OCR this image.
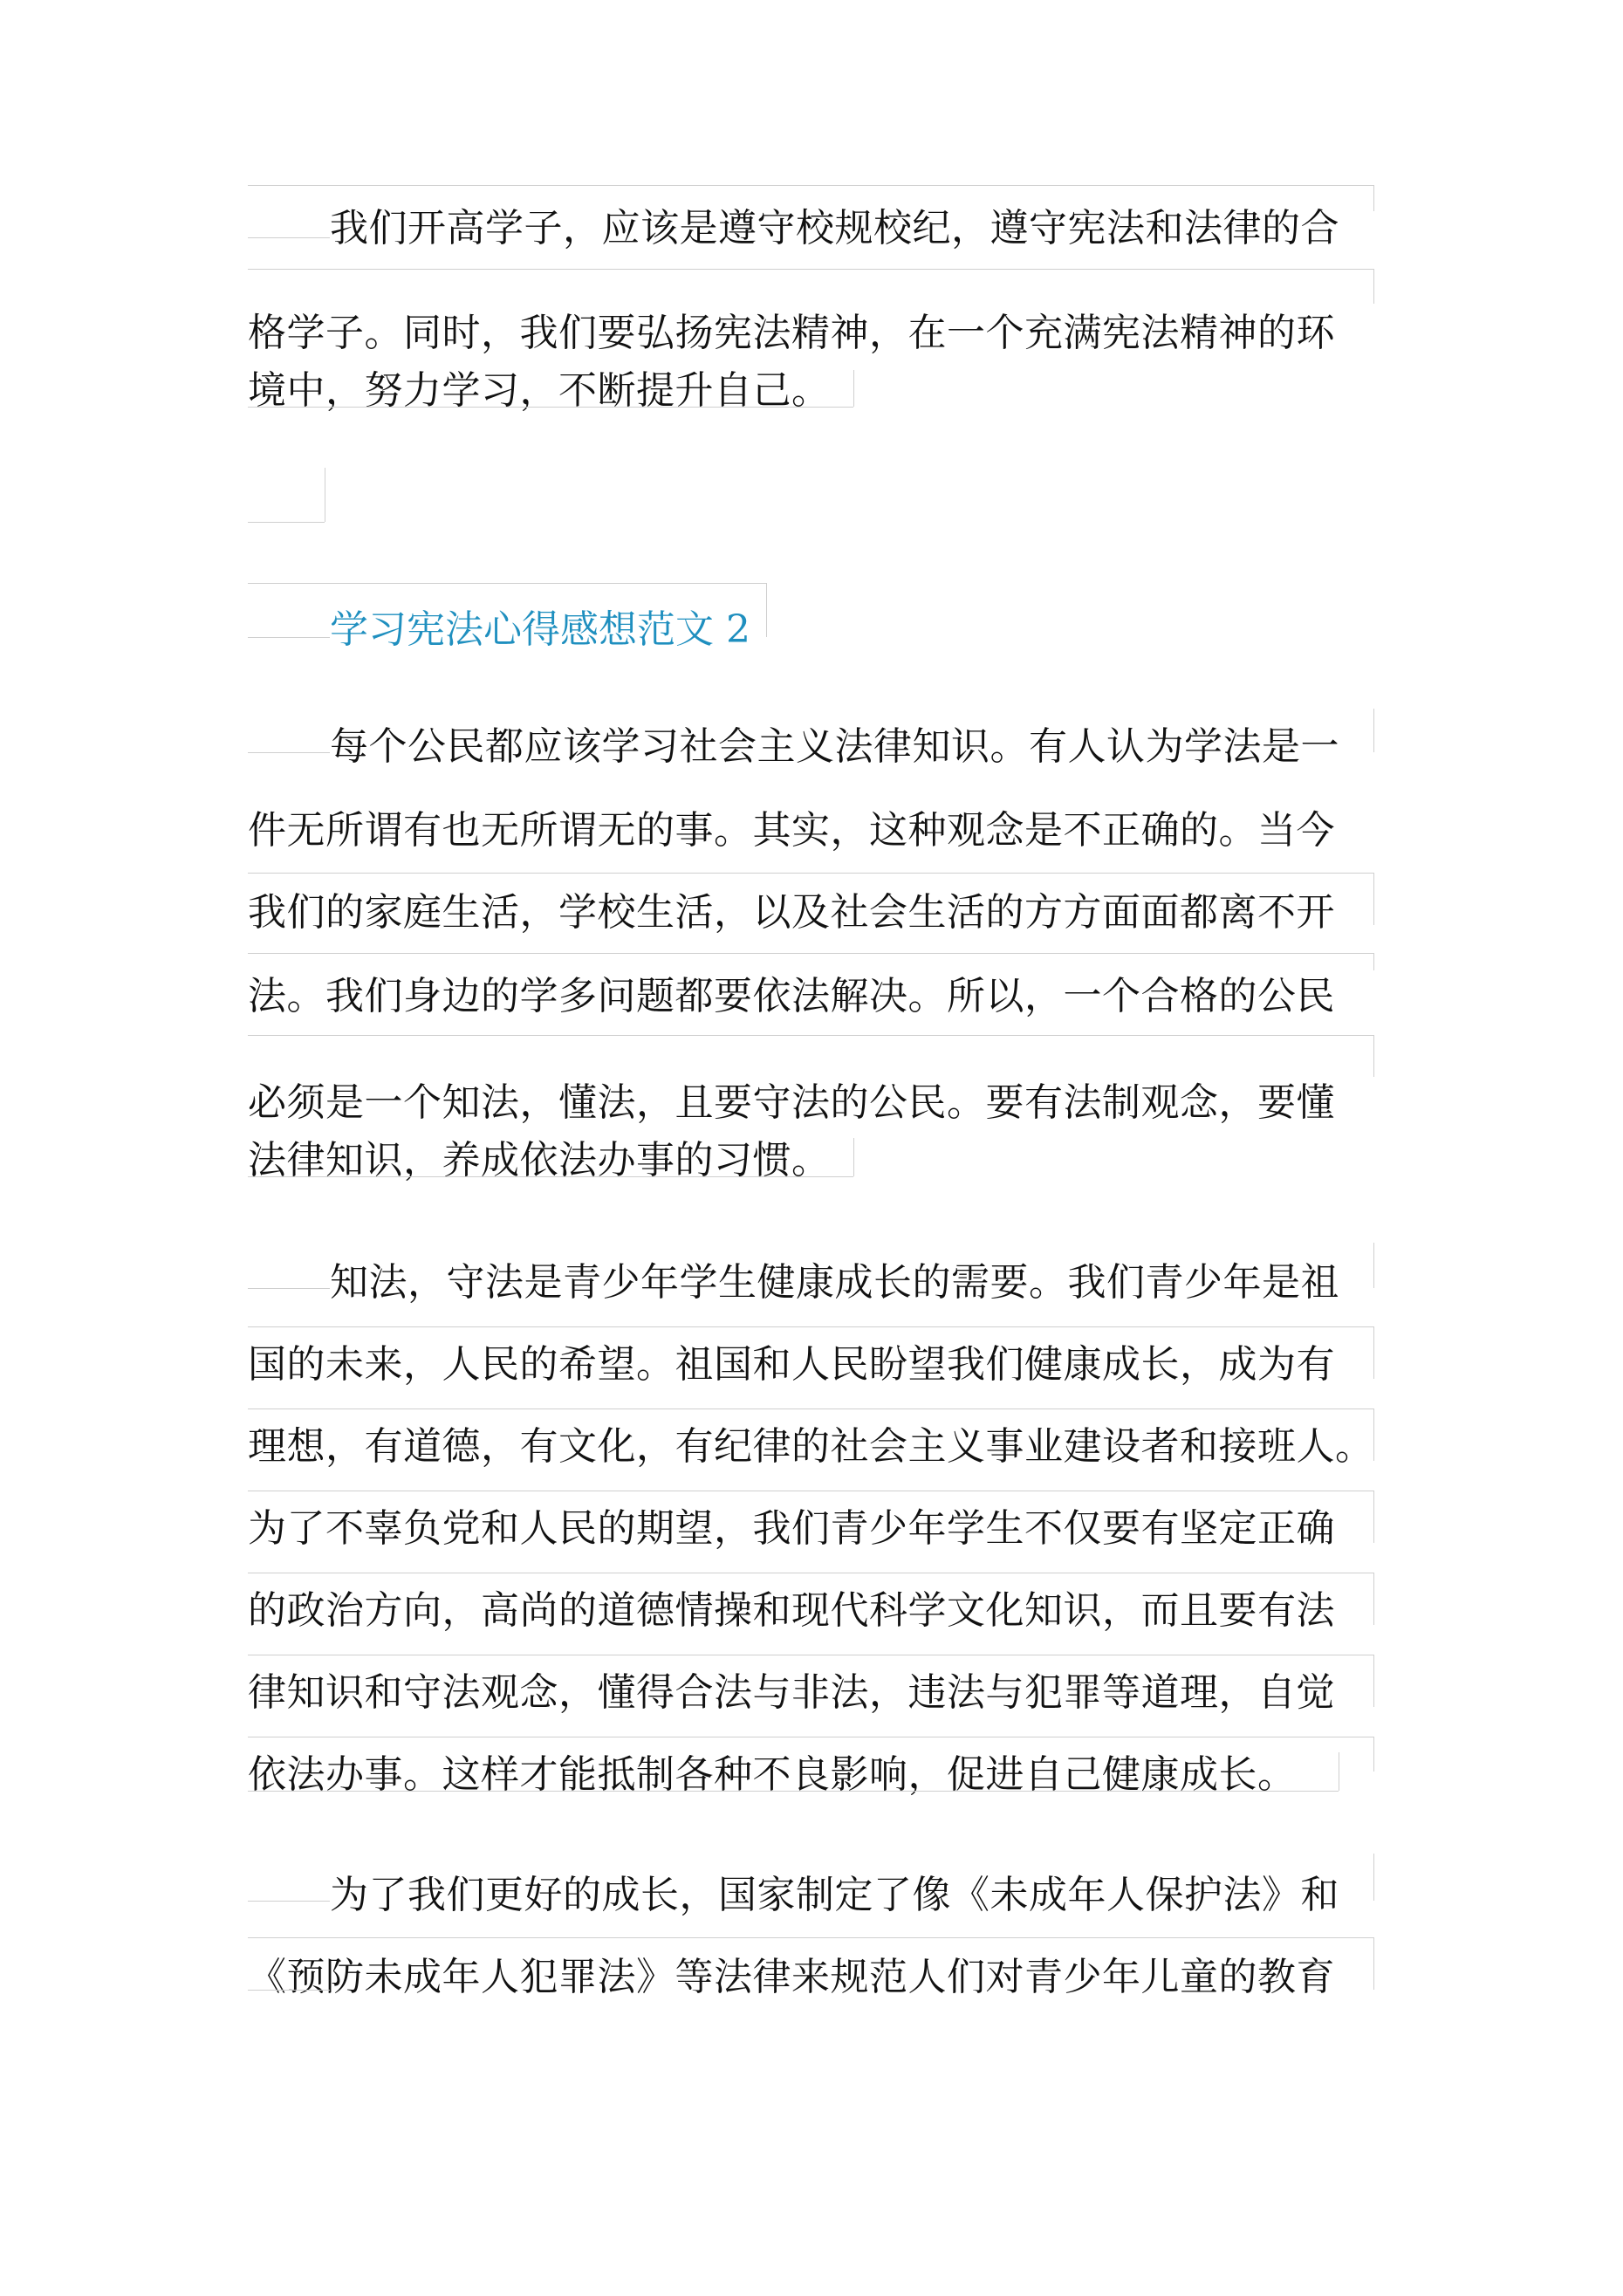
我们开高学子，应该是遵守校规校纪，遵守宪法和法律的合
格学子。同时，我们要弘扬宪法精神，在一个充满宪法精神的环
境中，努力学习，不断提升自己。
学习宪法心得感想范文 2
每个公民都应该学习社会主义法律知识。有人认为学法是一
件无所谓有也无所谓无的事。其实，这种观念是不正确的。当今
我们的家庭生活，学校生活，以及社会生活的方方面面都离不开
法。我们身边的学多问题都要依法解决。所以，一个合格的公民
必须是一个知法，懂法，且要守法的公民。要有法制观念，要懂
法律知识，养成依法办事的习惯。
知法，守法是青少年学生健康成长的需要。我们青少年是祖
国的未来，人民的希望。祖国和人民盼望我们健康成长，成为有
理想，有道德，有文化，有纪律的社会主义事业建设者和接班人。
为了不辜负党和人民的期望，我们青少年学生不仅要有坚定正确
的政治方向，高尚的道德情操和现代科学文化知识，而且要有法
律知识和守法观念，懂得合法与非法，违法与犯罪等道理，自觉
依法办事。这样才能抵制各种不良影响，促进自己健康成长。
为了我们更好的成长，国家制定了像《未成年人保护法》和
《预防未成年人犯罪法》等法律来规范人们对青少年儿童的教育
